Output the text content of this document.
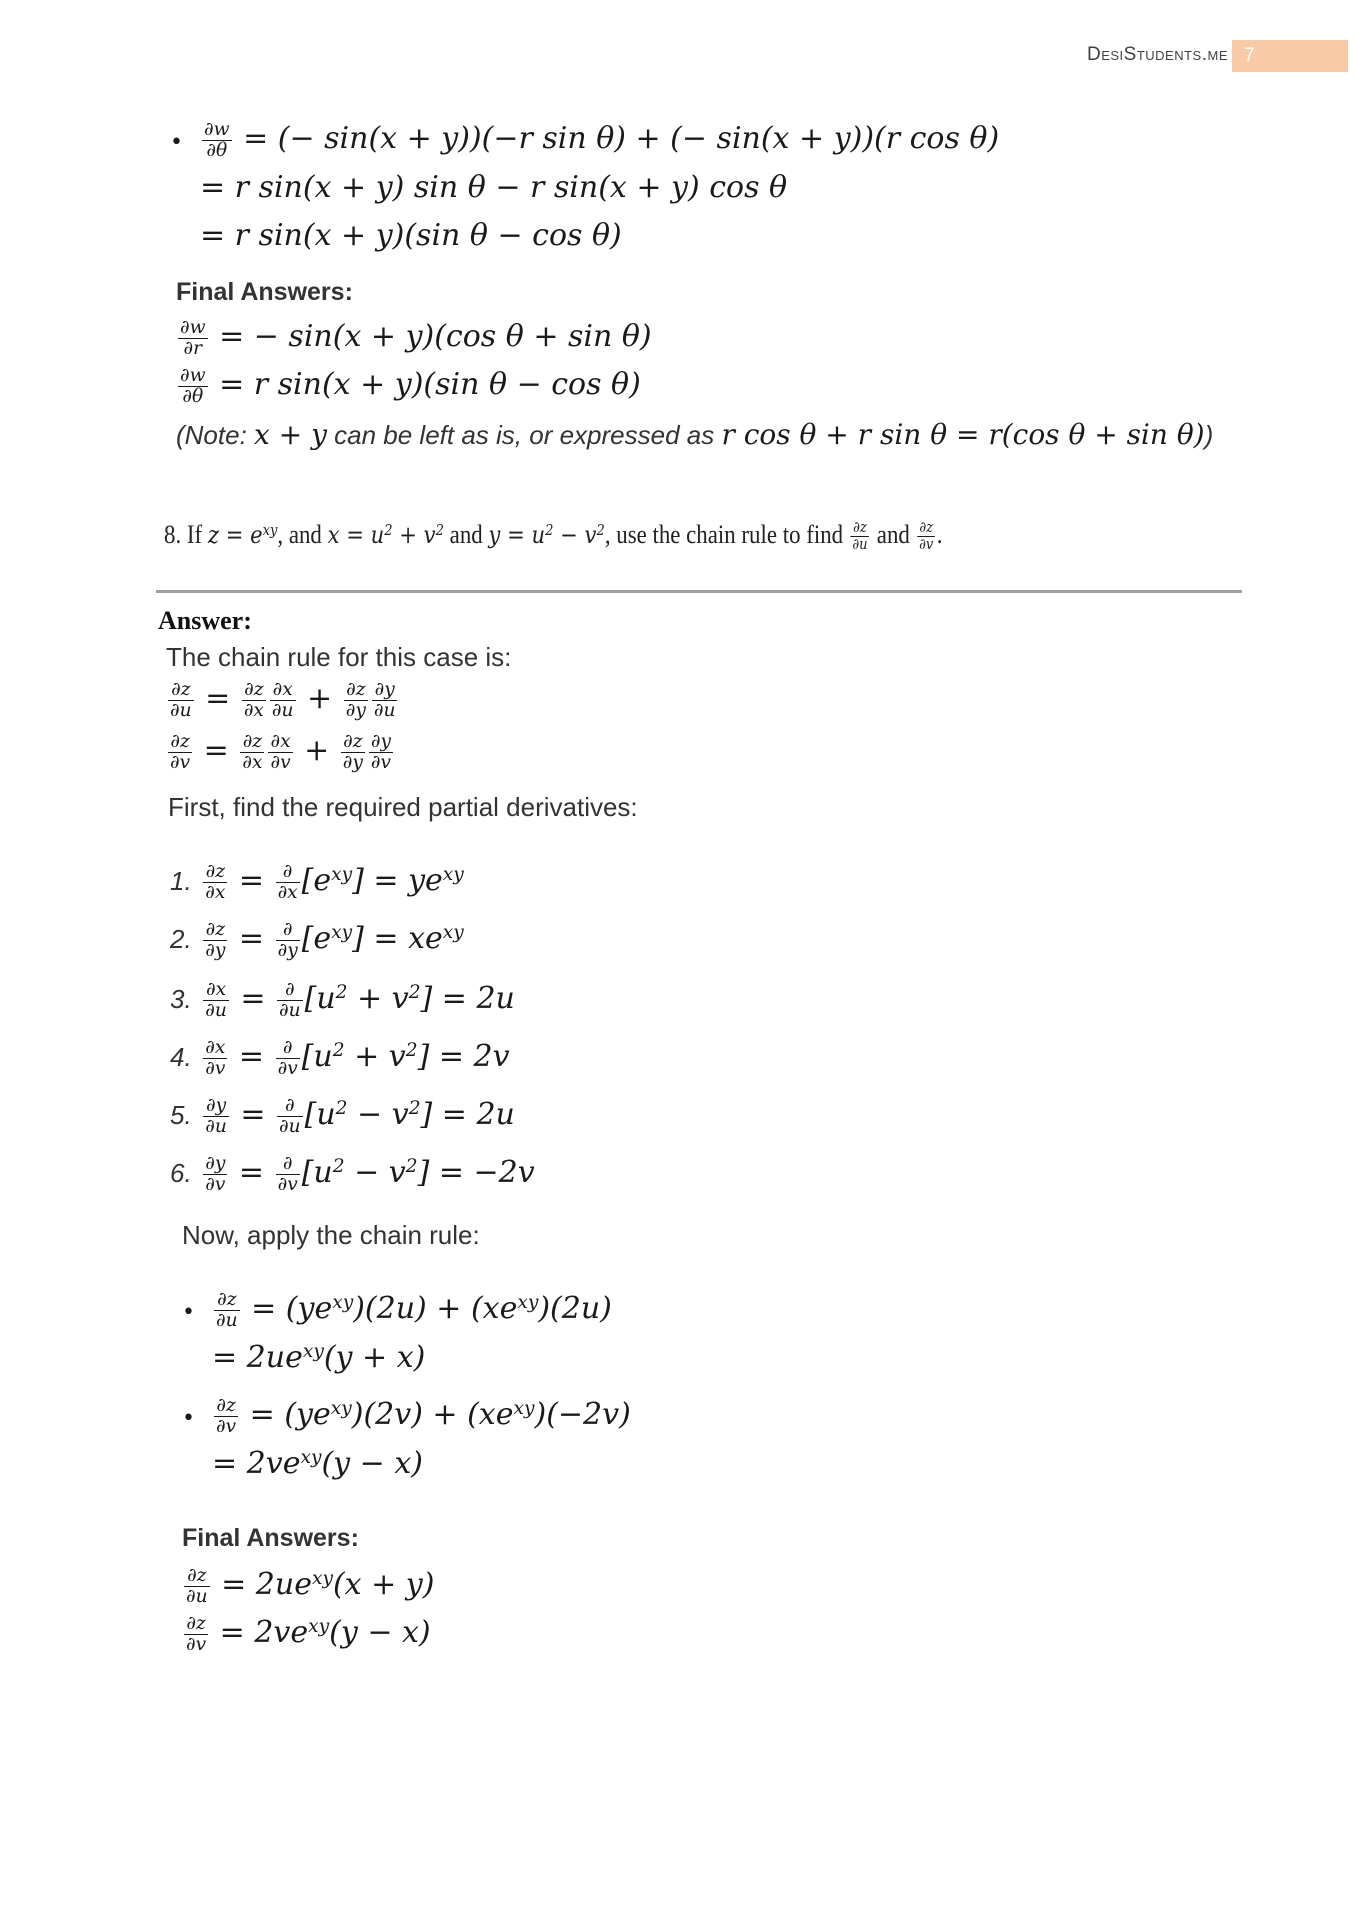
DesiStudents.me 7
• $\frac{\partial w}{\partial\theta}$ = (− sin(x + y))(−r sin θ) + (− sin(x + y))(r cos θ)
= r sin(x + y) sin θ − r sin(x + y) cos θ
= r sin(x + y)(sin θ − cos θ)
Final Answers:
$\frac{\partial w}{\partial r}$ = − sin(x + y)(cos θ + sin θ)
$\frac{\partial w}{\partial\theta} = r$ sin(x + y)(sin θ − cos θ)
(Note: x + y can be left as is, or expressed as r cos θ + r sin θ = r(cos θ + sin θ))
8. If $z = e^{xy}$, and $x = u^2 + v^2$ and $y = u^2 - v^2$, use the chain rule to find $\frac{\partial z}{\partial u}$ and $\frac{\partial z}{\partial v}$ .
Answer:
The chain rule for this case is:
$\frac{\partial z}{\partial u} = \frac{\partial z}{\partial x} \frac{\partial x}{\partial u} + \frac{\partial z}{\partial y} \frac{\partial y}{\partial u}$
$\frac{\partial z}{\partial v} = \frac{\partial z}{\partial x} \frac{\partial x}{\partial v} + \frac{\partial z}{\partial y} \frac{\partial y}{\partial v}$
First, find the required partial derivatives:
1. $\frac{\partial z}{\partial x} = \frac{\partial}{\partial x} [e^{xy}] = ye^{xy}$
2. $\frac{\partial z}{\partial y} = \frac{\partial}{\partial y} [e^{xy}] = xe^{xy}$
3. $\frac{\partial x}{\partial u} = \frac{\partial}{\partial u} [u^2 + v^2] = 2u$
4. $\frac{\partial x}{\partial v} = \frac{\partial}{\partial v} [u^2 + v^2] = 2v$
5. $\frac{\partial y}{\partial u} = \frac{\partial}{\partial u} [u^2 - v^2] = 2u$
6. $\frac{\partial y}{\partial v} = \frac{\partial}{\partial v} [u^2 - v^2] = -2v$
Now, apply the chain rule:
• $\frac{\partial z}{\partial u} = (ye^{xy})(2u) + (xe^{xy})(2u)$
= $2ue^{xy}(y + x)$
• $\frac{\partial z}{\partial v} = (ye^{xy})(2v) + (xe^{xy})(-2v)$
= $2ve^{xy}(y - x)$
Final Answers:
$\frac{\partial z}{\partial u} = 2ue^{xy}(x + y)$
$\frac{\partial z}{\partial v} = 2ve^{xy}(y - x)$
